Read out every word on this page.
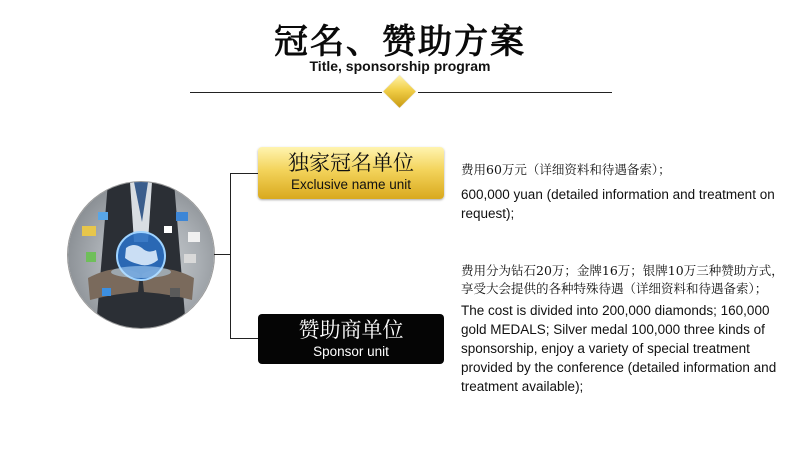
冠名、赞助方案
Title, sponsorship program
独家冠名单位
Exclusive name unit
赞助商单位
Sponsor unit
费用60万元（详细资料和待遇备索）；
600,000 yuan (detailed information and treatment on request);
费用分为钻石20万；金牌16万；银牌10万三种赞助方式，享受大会提供的各种特殊待遇（详细资料和待遇备索）；
The cost is divided into 200,000 diamonds; 160,000 gold MEDALS; Silver medal 100,000 three kinds of sponsorship, enjoy a variety of special treatment provided by the conference (detailed information and treatment available);
